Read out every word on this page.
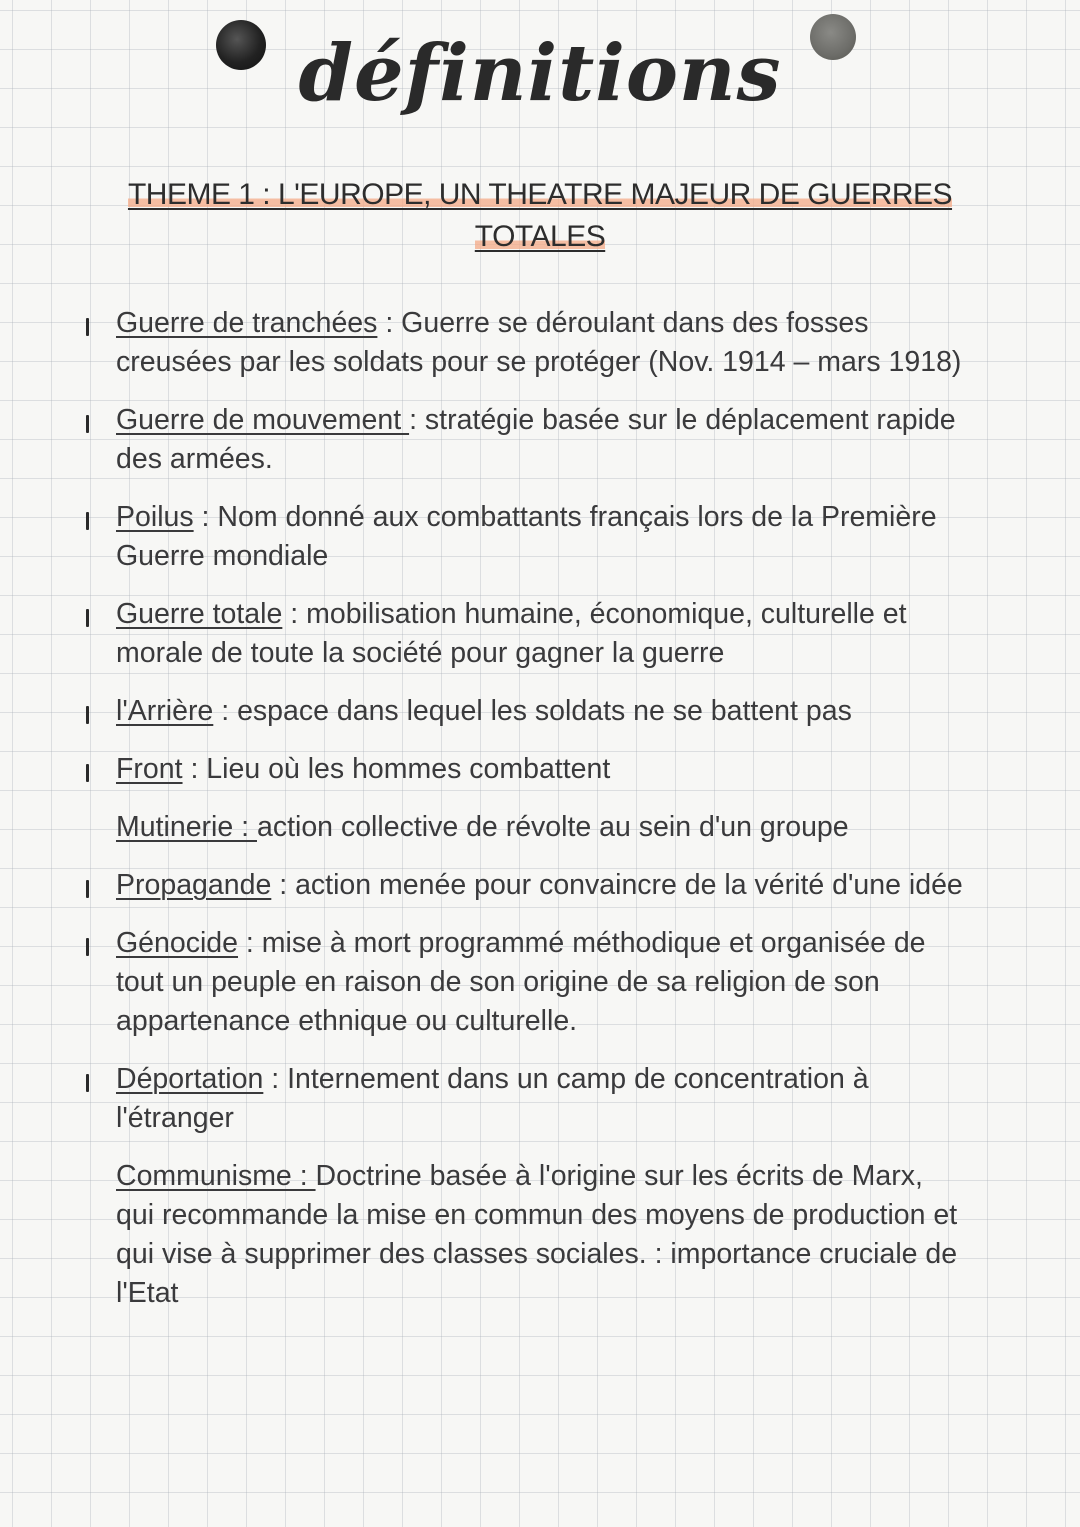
définitions
THEME 1 : L'EUROPE, UN THEATRE MAJEUR DE GUERRES
TOTALES
Guerre de tranchées : Guerre se déroulant dans des fosses creusées par les soldats pour se protéger (Nov. 1914 – mars 1918)
Guerre de mouvement : stratégie basée sur le déplacement rapide des armées.
Poilus : Nom donné aux combattants français lors de la Première Guerre mondiale
Guerre totale : mobilisation humaine, économique, culturelle et morale de toute la société pour gagner la guerre
l'Arrière : espace dans lequel les soldats ne se battent pas
Front : Lieu où les hommes combattent
Mutinerie : action collective de révolte au sein d'un groupe
Propagande : action menée pour convaincre de la vérité d'une idée
Génocide : mise à mort programmé méthodique et organisée de tout un peuple en raison de son origine de sa religion de son appartenance ethnique ou culturelle.
Déportation : Internement dans un camp de concentration à l'étranger
Communisme : Doctrine basée à l'origine sur les écrits de Marx, qui recommande la mise en commun des moyens de production et qui vise à supprimer des classes sociales. : importance cruciale de l'Etat
